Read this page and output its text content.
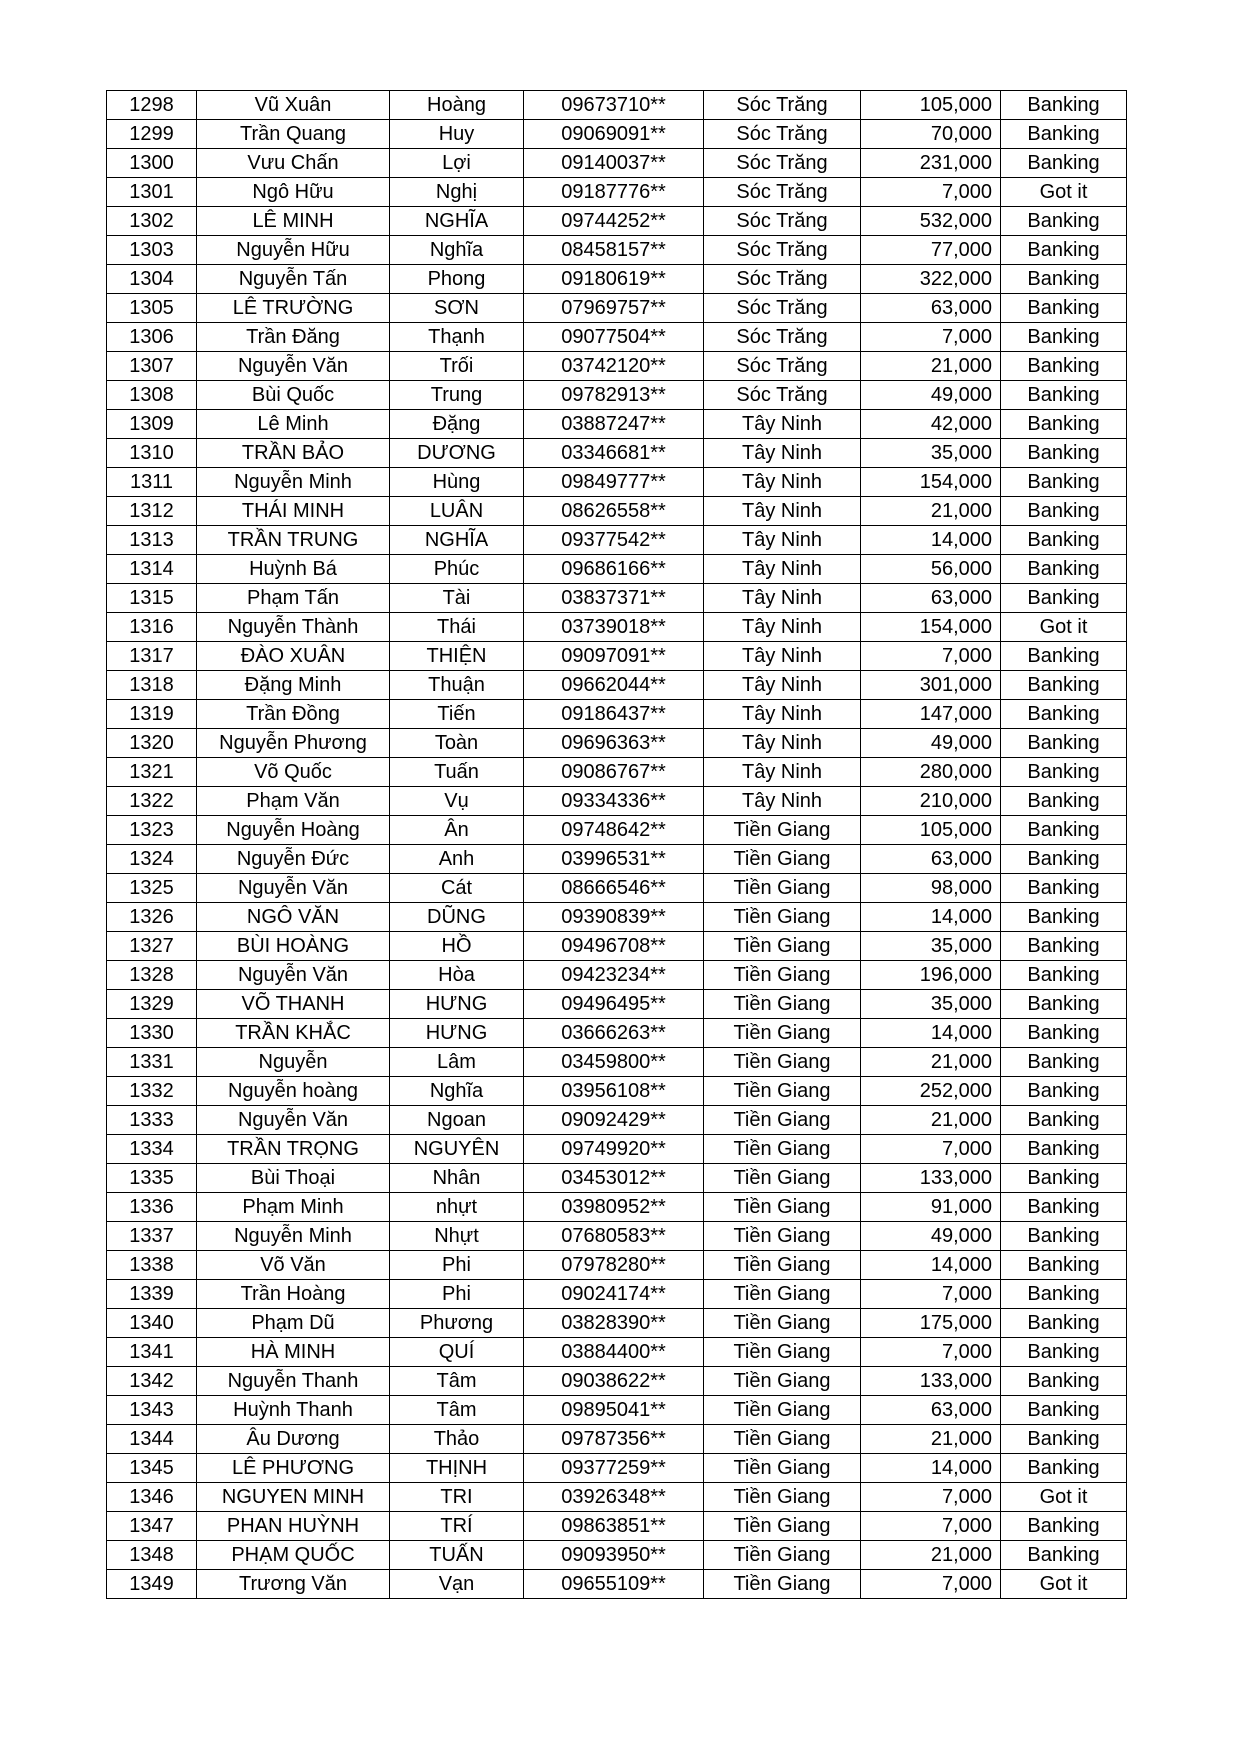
1298	Vũ Xuân	Hoàng	09673710**	Sóc Trăng	105,000	Banking
1299	Trần Quang	Huy	09069091**	Sóc Trăng	70,000	Banking
1300	Vưu Chấn	Lợi	09140037**	Sóc Trăng	231,000	Banking
1301	Ngô Hữu	Nghị	09187776**	Sóc Trăng	7,000	Got it
1302	LÊ MINH	NGHĨA	09744252**	Sóc Trăng	532,000	Banking
1303	Nguyễn Hữu	Nghĩa	08458157**	Sóc Trăng	77,000	Banking
1304	Nguyễn Tấn	Phong	09180619**	Sóc Trăng	322,000	Banking
1305	LÊ TRƯỜNG	SƠN	07969757**	Sóc Trăng	63,000	Banking
1306	Trần Đăng	Thạnh	09077504**	Sóc Trăng	7,000	Banking
1307	Nguyễn Văn	Trối	03742120**	Sóc Trăng	21,000	Banking
1308	Bùi Quốc	Trung	09782913**	Sóc Trăng	49,000	Banking
1309	Lê Minh	Đặng	03887247**	Tây Ninh	42,000	Banking
1310	TRẦN BẢO	DƯƠNG	03346681**	Tây Ninh	35,000	Banking
1311	Nguyễn Minh	Hùng	09849777**	Tây Ninh	154,000	Banking
1312	THÁI MINH	LUÂN	08626558**	Tây Ninh	21,000	Banking
1313	TRẦN TRUNG	NGHĨA	09377542**	Tây Ninh	14,000	Banking
1314	Huỳnh Bá	Phúc	09686166**	Tây Ninh	56,000	Banking
1315	Phạm Tấn	Tài	03837371**	Tây Ninh	63,000	Banking
1316	Nguyễn Thành	Thái	03739018**	Tây Ninh	154,000	Got it
1317	ĐÀO XUÂN	THIỆN	09097091**	Tây Ninh	7,000	Banking
1318	Đặng Minh	Thuận	09662044**	Tây Ninh	301,000	Banking
1319	Trần Đồng	Tiến	09186437**	Tây Ninh	147,000	Banking
1320	Nguyễn Phương	Toàn	09696363**	Tây Ninh	49,000	Banking
1321	Võ Quốc	Tuấn	09086767**	Tây Ninh	280,000	Banking
1322	Phạm Văn	Vụ	09334336**	Tây Ninh	210,000	Banking
1323	Nguyễn Hoàng	Ân	09748642**	Tiền Giang	105,000	Banking
1324	Nguyễn Đức	Anh	03996531**	Tiền Giang	63,000	Banking
1325	Nguyễn Văn	Cát	08666546**	Tiền Giang	98,000	Banking
1326	NGÔ VĂN	DŨNG	09390839**	Tiền Giang	14,000	Banking
1327	BÙI HOÀNG	HỒ	09496708**	Tiền Giang	35,000	Banking
1328	Nguyễn Văn	Hòa	09423234**	Tiền Giang	196,000	Banking
1329	VÕ THANH	HƯNG	09496495**	Tiền Giang	35,000	Banking
1330	TRẦN KHẮC	HƯNG	03666263**	Tiền Giang	14,000	Banking
1331	Nguyễn	Lâm	03459800**	Tiền Giang	21,000	Banking
1332	Nguyễn hoàng	Nghĩa	03956108**	Tiền Giang	252,000	Banking
1333	Nguyễn Văn	Ngoan	09092429**	Tiền Giang	21,000	Banking
1334	TRẦN TRỌNG	NGUYÊN	09749920**	Tiền Giang	7,000	Banking
1335	Bùi Thoại	Nhân	03453012**	Tiền Giang	133,000	Banking
1336	Phạm Minh	nhựt	03980952**	Tiền Giang	91,000	Banking
1337	Nguyễn Minh	Nhựt	07680583**	Tiền Giang	49,000	Banking
1338	Võ Văn	Phi	07978280**	Tiền Giang	14,000	Banking
1339	Trần Hoàng	Phi	09024174**	Tiền Giang	7,000	Banking
1340	Phạm Dũ	Phương	03828390**	Tiền Giang	175,000	Banking
1341	HÀ MINH	QUÍ	03884400**	Tiền Giang	7,000	Banking
1342	Nguyễn Thanh	Tâm	09038622**	Tiền Giang	133,000	Banking
1343	Huỳnh Thanh	Tâm	09895041**	Tiền Giang	63,000	Banking
1344	Âu Dương	Thảo	09787356**	Tiền Giang	21,000	Banking
1345	LÊ PHƯƠNG	THỊNH	09377259**	Tiền Giang	14,000	Banking
1346	NGUYEN MINH	TRI	03926348**	Tiền Giang	7,000	Got it
1347	PHAN HUỲNH	TRÍ	09863851**	Tiền Giang	7,000	Banking
1348	PHẠM QUỐC	TUẤN	09093950**	Tiền Giang	21,000	Banking
1349	Trương Văn	Vạn	09655109**	Tiền Giang	7,000	Got it
